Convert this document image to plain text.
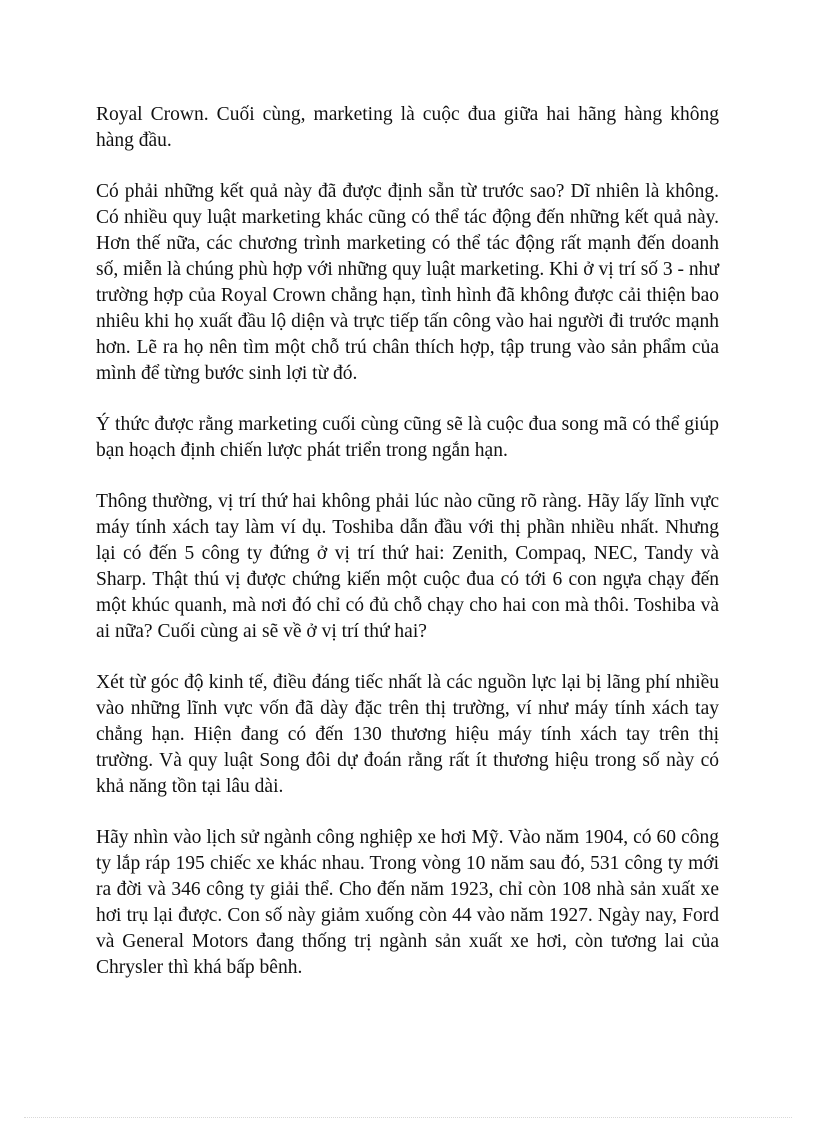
Royal Crown. Cuối cùng, marketing là cuộc đua giữa hai hãng hàng không hàng đầu.

Có phải những kết quả này đã được định sẵn từ trước sao? Dĩ nhiên là không. Có nhiều quy luật marketing khác cũng có thể tác động đến những kết quả này. Hơn thế nữa, các chương trình marketing có thể tác động rất mạnh đến doanh số, miễn là chúng phù hợp với những quy luật marketing. Khi ở vị trí số 3 - như trường hợp của Royal Crown chẳng hạn, tình hình đã không được cải thiện bao nhiêu khi họ xuất đầu lộ diện và trực tiếp tấn công vào hai người đi trước mạnh hơn. Lẽ ra họ nên tìm một chỗ trú chân thích hợp, tập trung vào sản phẩm của mình để từng bước sinh lợi từ đó.

Ý thức được rằng marketing cuối cùng cũng sẽ là cuộc đua song mã có thể giúp bạn hoạch định chiến lược phát triển trong ngắn hạn.

Thông thường, vị trí thứ hai không phải lúc nào cũng rõ ràng. Hãy lấy lĩnh vực máy tính xách tay làm ví dụ. Toshiba dẫn đầu với thị phần nhiều nhất. Nhưng lại có đến 5 công ty đứng ở vị trí thứ hai: Zenith, Compaq, NEC, Tandy và Sharp. Thật thú vị được chứng kiến một cuộc đua có tới 6 con ngựa chạy đến một khúc quanh, mà nơi đó chỉ có đủ chỗ chạy cho hai con mà thôi. Toshiba và ai nữa? Cuối cùng ai sẽ về ở vị trí thứ hai?

Xét từ góc độ kinh tế, điều đáng tiếc nhất là các nguồn lực lại bị lãng phí nhiều vào những lĩnh vực vốn đã dày đặc trên thị trường, ví như máy tính xách tay chẳng hạn. Hiện đang có đến 130 thương hiệu máy tính xách tay trên thị trường. Và quy luật Song đôi dự đoán rằng rất ít thương hiệu trong số này có khả năng tồn tại lâu dài.

Hãy nhìn vào lịch sử ngành công nghiệp xe hơi Mỹ. Vào năm 1904, có 60 công ty lắp ráp 195 chiếc xe khác nhau. Trong vòng 10 năm sau đó, 531 công ty mới ra đời và 346 công ty giải thể. Cho đến năm 1923, chỉ còn 108 nhà sản xuất xe hơi trụ lại được. Con số này giảm xuống còn 44 vào năm 1927. Ngày nay, Ford và General Motors đang thống trị ngành sản xuất xe hơi, còn tương lai của Chrysler thì khá bấp bênh.
